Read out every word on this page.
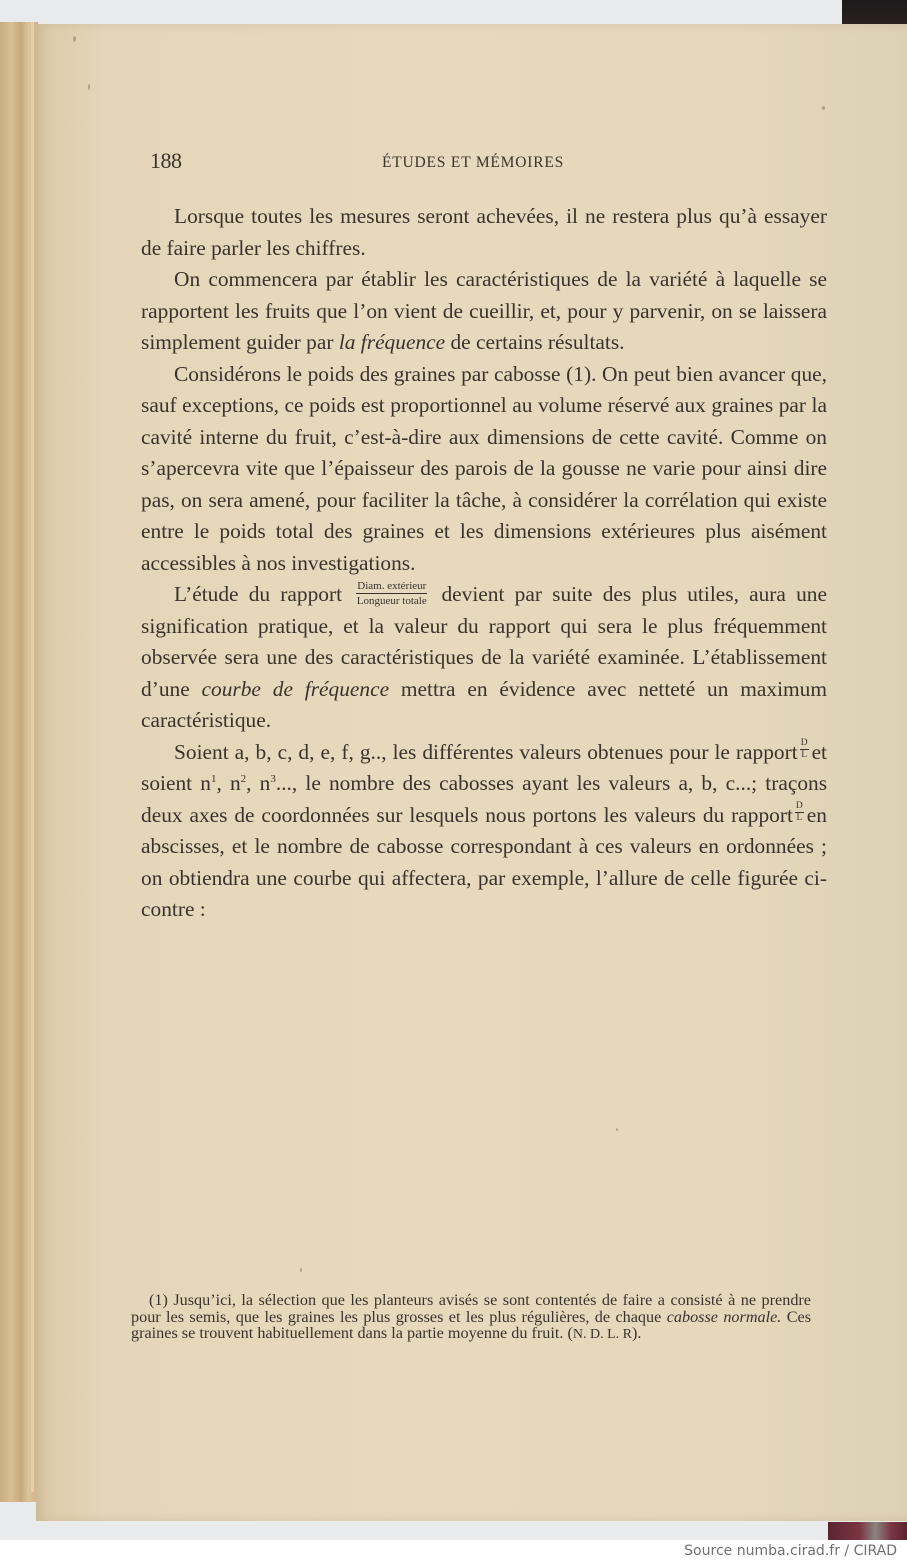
188	ÉTUDES ET MÉMOIRES

Lorsque toutes les mesures seront achevées, il ne restera plus qu’à essayer de faire parler les chiffres.

On commencera par établir les caractéristiques de la variété à laquelle se rapportent les fruits que l’on vient de cueillir, et, pour y parvenir, on se laissera simplement guider par la fréquence de certains résultats.

Considérons le poids des graines par cabosse (1). On peut bien avancer que, sauf exceptions, ce poids est proportionnel au volume réservé aux graines par la cavité interne du fruit, c’est-à-dire aux dimensions de cette cavité. Comme on s’apercevra vite que l’épaisseur des parois de la gousse ne varie pour ainsi dire pas, on sera amené, pour faciliter la tâche, à considérer la corrélation qui existe entre le poids total des graines et les dimensions extérieures plus aisément accessibles à nos investigations.

L’étude du rapport $\frac{\text{Diam. extérieur}}{\text{Longueur totale}}$ devient par suite des plus utiles, aura une signification pratique, et la valeur du rapport qui sera le plus fréquemment observée sera une des caractéristiques de la variété examinée. L’établissement d’une courbe de fréquence mettra en évidence avec netteté un maximum caractéristique.

Soient a, b, c, d, e, f, g.., les différentes valeurs obtenues pour le rapport $\frac{D}{L}$ et soient $n^1$, $n^2$, $n^3$..., le nombre des cabosses ayant les valeurs a, b, c...; traçons deux axes de coordonnées sur lesquels nous portons les valeurs du rapport $\frac{D}{L}$ en abscisses, et le nombre de cabosse correspondant à ces valeurs en ordonnées ; on obtiendra une courbe qui affectera, par exemple, l’allure de celle figurée ci-contre :

(1) Jusqu’ici, la sélection que les planteurs avisés se sont contentés de faire a consisté à ne prendre pour les semis, que les graines les plus grosses et les plus régulières, de chaque cabosse normale. Ces graines se trouvent habituellement dans la partie moyenne du fruit. (N. D. L. R).

Source numba.cirad.fr / CIRAD
